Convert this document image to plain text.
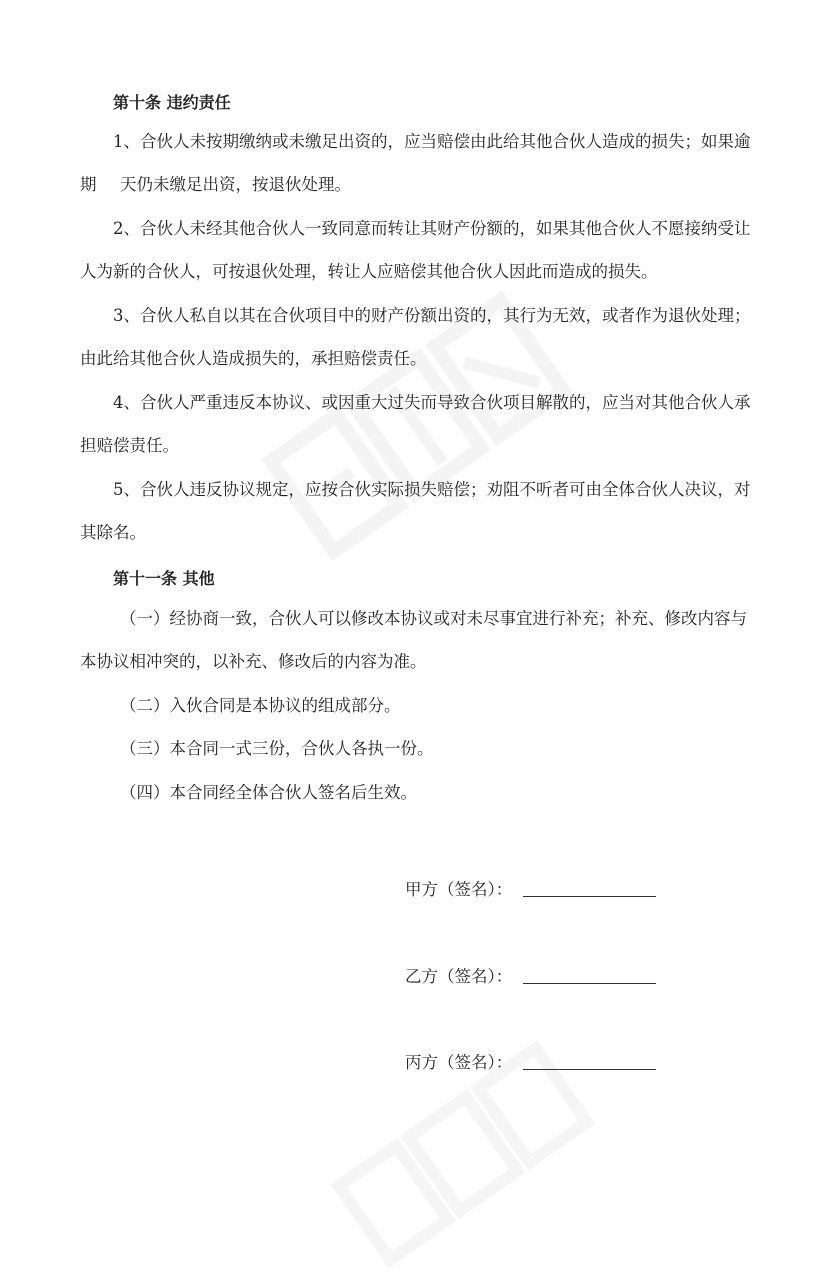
第十条 违约责任
1、合伙人未按期缴纳或未缴足出资的，应当赔偿由此给其他合伙人造成的损失；如果逾
期 天仍未缴足出资，按退伙处理。
2、合伙人未经其他合伙人一致同意而转让其财产份额的，如果其他合伙人不愿接纳受让
人为新的合伙人，可按退伙处理，转让人应赔偿其他合伙人因此而造成的损失。
3、合伙人私自以其在合伙项目中的财产份额出资的，其行为无效，或者作为退伙处理；
由此给其他合伙人造成损失的，承担赔偿责任。
4、合伙人严重违反本协议、或因重大过失而导致合伙项目解散的，应当对其他合伙人承
担赔偿责任。
5、合伙人违反协议规定，应按合伙实际损失赔偿；劝阻不听者可由全体合伙人决议，对
其除名。
第十一条 其他
（一）经协商一致，合伙人可以修改本协议或对未尽事宜进行补充；补充、修改内容与
本协议相冲突的，以补充、修改后的内容为准。
（二）入伙合同是本协议的组成部分。
（三）本合同一式三份，合伙人各执一份。
（四）本合同经全体合伙人签名后生效。
甲方（签名）：
乙方（签名）：
丙方（签名）：
